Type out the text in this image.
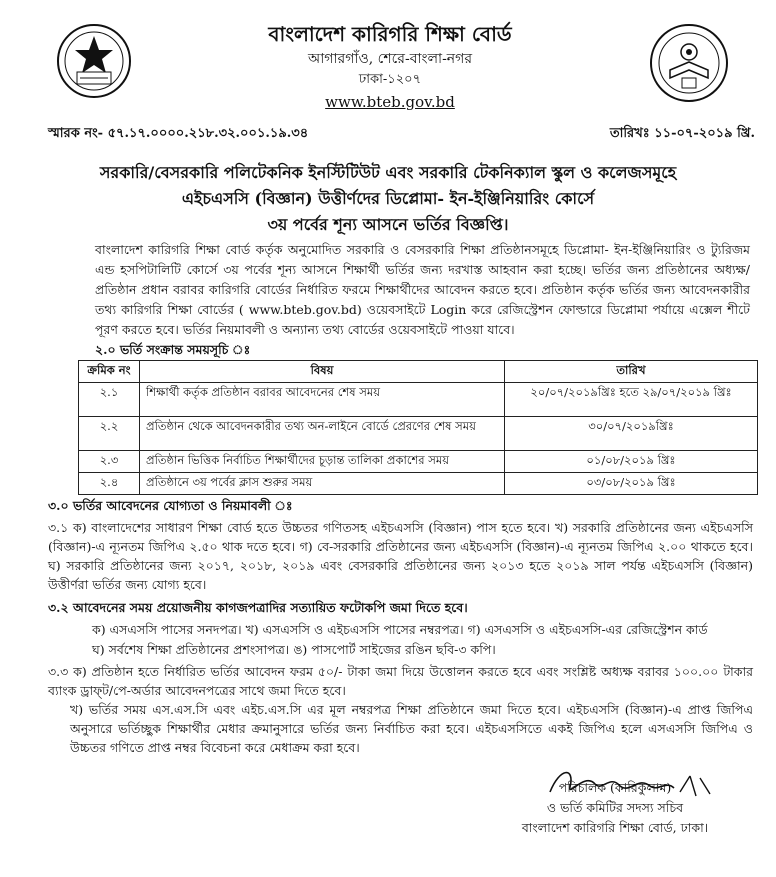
বাংলাদেশ কারিগরি শিক্ষা বোর্ড
আগারগাঁও, শেরে-বাংলা-নগর
ঢাকা-১২০৭
www.bteb.gov.bd
স্মারক নং- ৫৭.১৭.০০০০.২১৮.৩২.০০১.১৯.৩৪	তারিখঃ ১১-০৭-২০১৯ খ্রি.
সরকারি/বেসরকারি পলিটেকনিক ইনস্টিটিউট এবং সরকারি টেকনিক্যাল স্কুল ও কলেজসমূহে
এইচএসসি (বিজ্ঞান) উত্তীর্ণদের ডিপ্লোমা- ইন-ইঞ্জিনিয়ারিং কোর্সে
৩য় পর্বের শূন্য আসনে ভর্তির বিজ্ঞপ্তি।
বাংলাদেশ কারিগরি শিক্ষা বোর্ড কর্তৃক অনুমোদিত সরকারি ও বেসরকারি শিক্ষা প্রতিষ্ঠানসমূহে ডিপ্লোমা- ইন-ইঞ্জিনিয়ারিং ও ট্যুরিজম এন্ড হসপিটালিটি কোর্সে ৩য় পর্বের শূন্য আসনে শিক্ষার্থী ভর্তির জন্য দরখাস্ত আহবান করা হচ্ছে। ভর্তির জন্য প্রতিষ্ঠানের অধ্যক্ষ/প্রতিষ্ঠান প্রধান বরাবর কারিগরি বোর্ডের নির্ধারিত ফরমে শিক্ষার্থীদের আবেদন করতে হবে। প্রতিষ্ঠান কর্তৃক ভর্তির জন্য আবেদনকারীর তথ্য কারিগরি শিক্ষা বোর্ডের ( www.bteb.gov.bd) ওয়েবসাইটে Login করে রেজিস্ট্রেশন ফোল্ডারে ডিপ্লোমা পর্যায়ে এক্সেল শীটে পূরণ করতে হবে। ভর্তির নিয়মাবলী ও অন্যান্য তথ্য বোর্ডের ওয়েবসাইটে পাওয়া যাবে।
২.০ ভর্তি সংক্রান্ত সময়সূচি ঃ
ক্রমিক নং	বিষয়	তারিখ
২.১	শিক্ষার্থী কর্তৃক প্রতিষ্ঠান বরাবর আবেদনের শেষ সময়	২০/০৭/২০১৯খ্রিঃ হতে ২৯/০৭/২০১৯ খ্রিঃ
২.২	প্রতিষ্ঠান থেকে আবেদনকারীর তথ্য অন-লাইনে বোর্ডে প্রেরণের শেষ সময়	৩০/০৭/২০১৯খ্রিঃ
২.৩	প্রতিষ্ঠান ভিত্তিক নির্বাচিত শিক্ষার্থীদের চূড়ান্ত তালিকা প্রকাশের সময়	০১/০৮/২০১৯ খ্রিঃ
২.৪	প্রতিষ্ঠানে ৩য় পর্বের ক্লাস শুরুর সময়	০৩/০৮/২০১৯ খ্রিঃ
৩.০ ভর্তির আবেদনের যোগ্যতা ও নিয়মাবলী ঃ
৩.১ ক) বাংলাদেশের সাধারণ শিক্ষা বোর্ড হতে উচ্চতর গণিতসহ এইচএসসি (বিজ্ঞান) পাস হতে হবে। খ) সরকারি প্রতিষ্ঠানের জন্য এইচএসসি (বিজ্ঞান)-এ ন্যূনতম জিপিএ ২.৫০ থাক দতে হবে। গ) বে-সরকারি প্রতিষ্ঠানের জন্য এইচএসসি (বিজ্ঞান)-এ ন্যূনতম জিপিএ ২.০০ থাকতে হবে। ঘ) সরকারি প্রতিষ্ঠানের জন্য ২০১৭, ২০১৮, ২০১৯ এবং বেসরকারি প্রতিষ্ঠানের জন্য ২০১৩ হতে ২০১৯ সাল পর্যন্ত এইচএসসি (বিজ্ঞান) উত্তীর্ণরা ভর্তির জন্য যোগ্য হবে।
৩.২ আবেদনের সময় প্রয়োজনীয় কাগজপত্রাদির সত্যায়িত ফটোকপি জমা দিতে হবে।
ক) এসএসসি পাসের সনদপত্র। খ) এসএসসি ও এইচএসসি পাসের নম্বরপত্র। গ) এসএসসি ও এইচএসসি-এর রেজিস্ট্রেশন কার্ড
ঘ) সর্বশেষ শিক্ষা প্রতিষ্ঠানের প্রশংসাপত্র। ঙ) পাসপোর্ট সাইজের রঙিন ছবি-৩ কপি।
৩.৩ ক) প্রতিষ্ঠান হতে নির্ধারিত ভর্তির আবেদন ফরম ৫০/- টাকা জমা দিয়ে উত্তোলন করতে হবে এবং সংশ্লিষ্ট অধ্যক্ষ বরাবর ১০০.০০ টাকার ব্যাংক ড্রাফ্‌ট/পে-অর্ডার আবেদনপত্রের সাথে জমা দিতে হবে।
খ) ভর্তির সময় এস.এস.সি এবং এইচ.এস.সি এর মূল নম্বরপত্র শিক্ষা প্রতিষ্ঠানে জমা দিতে হবে। এইচএসসি (বিজ্ঞান)-এ প্রাপ্ত জিপিএ অনুসারে ভর্তিচ্ছুক শিক্ষার্থীর মেধার ক্রমানুসারে ভর্তির জন্য নির্বাচিত করা হবে। এইচএসসিতে একই জিপিএ হলে এসএসসি জিপিএ ও উচ্চতর গণিতে প্রাপ্ত নম্বর বিবেচনা করে মেধাক্রম করা হবে।
পরিচালক (কারিকুলাম)
ও ভর্তি কমিটির সদস্য সচিব
বাংলাদেশ কারিগরি শিক্ষা বোর্ড, ঢাকা।
